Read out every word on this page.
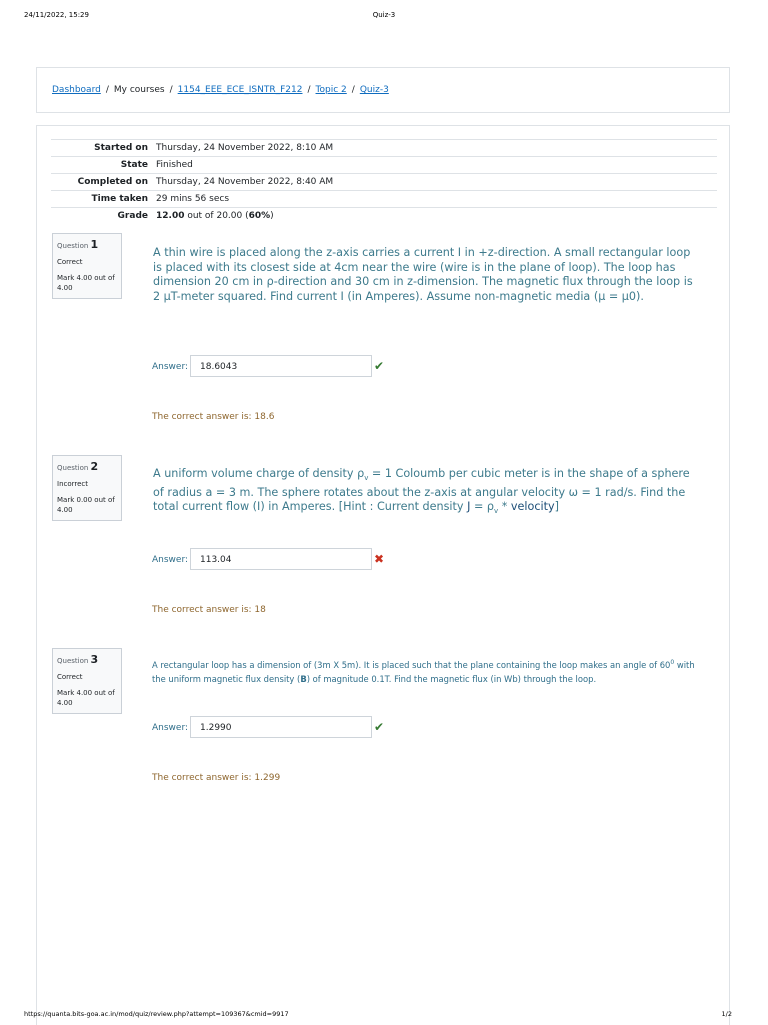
24/11/2022, 15:29	Quiz-3
Dashboard / My courses / 1154_EEE_ECE_ISNTR_F212 / Topic 2 / Quiz-3
Started on	Thursday, 24 November 2022, 8:10 AM
State	Finished
Completed on	Thursday, 24 November 2022, 8:40 AM
Time taken	29 mins 56 secs
Grade	12.00 out of 20.00 (60%)
Question 1
Correct
Mark 4.00 out of 4.00
A thin wire is placed along the z-axis carries a current I in +z-direction. A small rectangular loop is placed with its closest side at 4cm near the wire (wire is in the plane of loop). The loop has dimension 20 cm in ρ-direction and 30 cm in z-dimension. The magnetic flux through the loop is 2 μT-meter squared. Find current I (in Amperes). Assume non-magnetic media (μ = μ0).
Answer:	18.6043	✔
The correct answer is: 18.6
Question 2
Incorrect
Mark 0.00 out of 4.00
A uniform volume charge of density $\rho_v = 1$ Coloumb per cubic meter is in the shape of a sphere of radius a = 3 m. The sphere rotates about the z-axis at angular velocity ω = 1 rad/s. Find the total current flow (I) in Amperes. [Hint : Current density $J = \rho_v$ * velocity]
Answer:	113.04	✖
The correct answer is: 18
Question 3
Correct
Mark 4.00 out of 4.00
A rectangular loop has a dimension of (3m X 5m). It is placed such that the plane containing the loop makes an angle of $60^0$ with the uniform magnetic flux density (B) of magnitude 0.1T. Find the magnetic flux (in Wb) through the loop.
Answer:	1.2990	✔
The correct answer is: 1.299
https://quanta.bits-goa.ac.in/mod/quiz/review.php?attempt=109367&cmid=9917	1/2
